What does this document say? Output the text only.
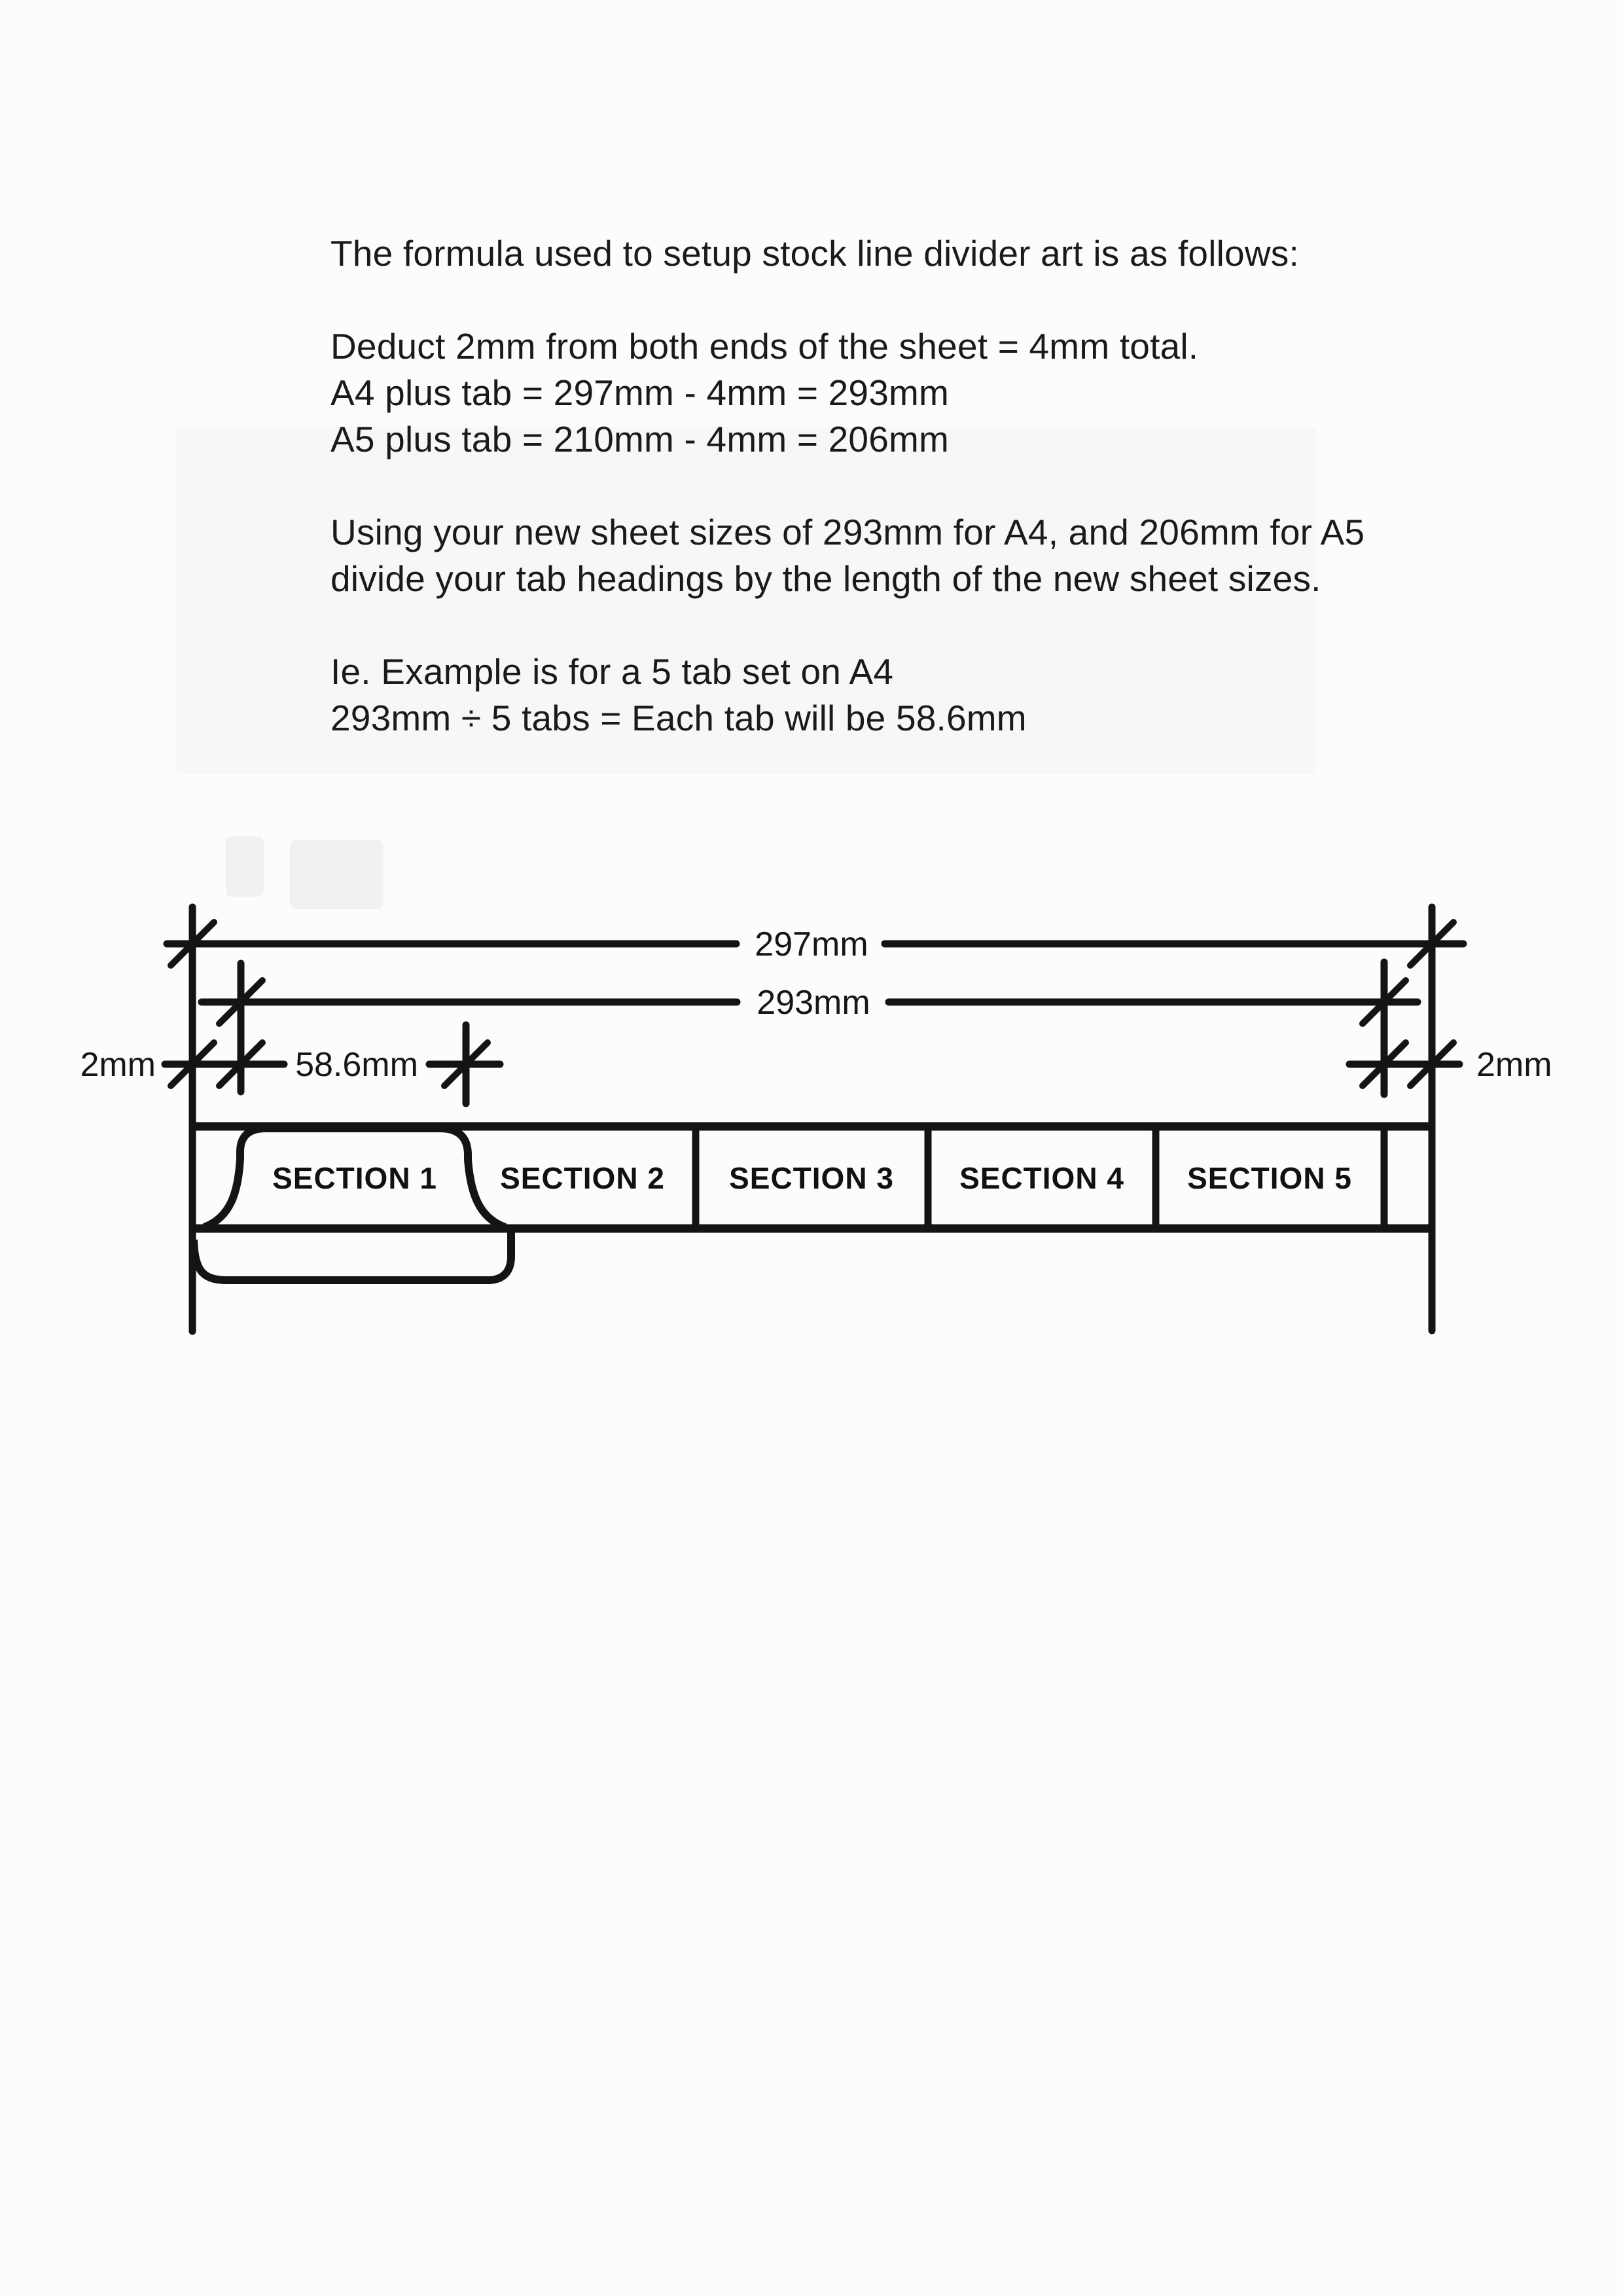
The formula used to setup stock line divider art is as follows:
Deduct 2mm from both ends of the sheet = 4mm total.
A4 plus tab = 297mm - 4mm = 293mm
A5 plus tab = 210mm - 4mm = 206mm
Using your new sheet sizes of 293mm for A4, and 206mm for A5
divide your tab headings by the length of the new sheet sizes.
Ie. Example is for a 5 tab set on A4
293mm ÷ 5 tabs = Each tab will be 58.6mm
297mm
293mm
2mm	58.6mm	2mm
SECTION 1 SECTION 2 SECTION 3 SECTION 4 SECTION 5
